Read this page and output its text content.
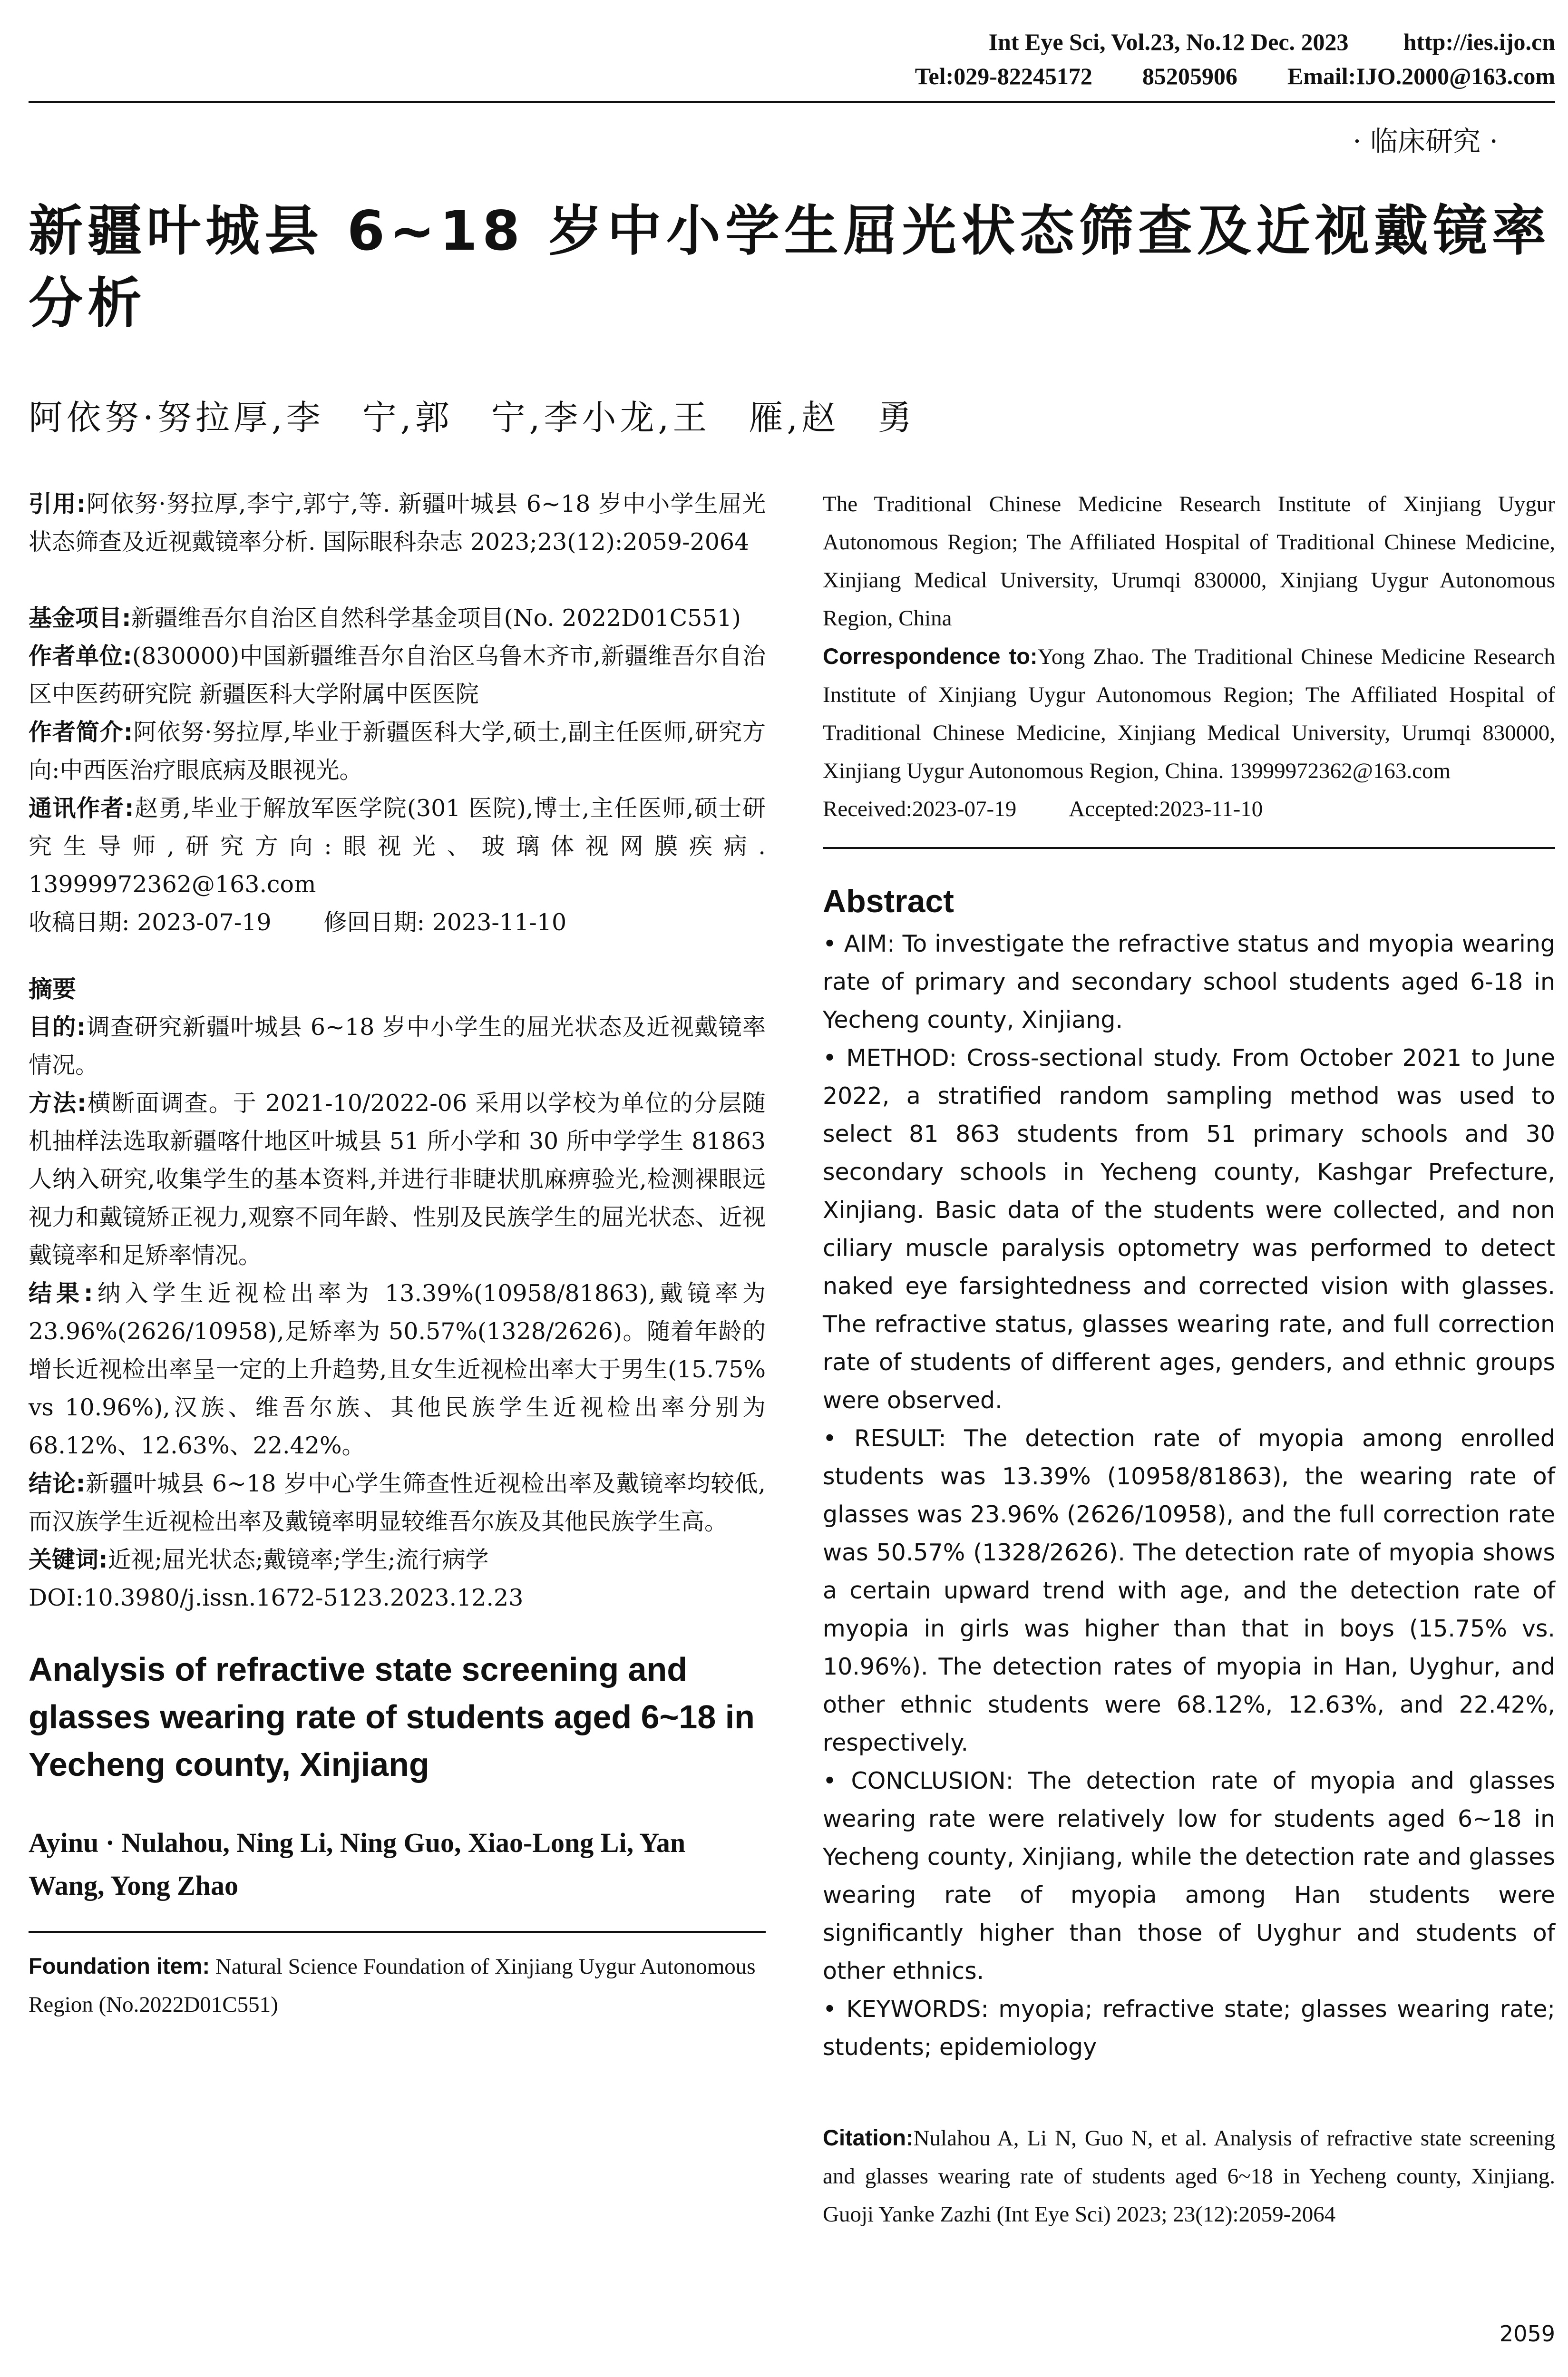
Int Eye Sci, Vol.23, No.12 Dec. 2023 http://ies.ijo.cn
Tel:029-82245172 85205906 Email:IJO.2000@163.com
· 临床研究 ·
新疆叶城县 6~18 岁中小学生屈光状态筛查及近视戴镜率分析
阿依努·努拉厚,李　宁,郭　宁,李小龙,王　雁,赵　勇

引用:阿依努·努拉厚,李宁,郭宁,等. 新疆叶城县 6~18 岁中小学生屈光状态筛查及近视戴镜率分析. 国际眼科杂志 2023;23(12):2059-2064

基金项目:新疆维吾尔自治区自然科学基金项目(No. 2022D01C551)

作者单位:(830000)中国新疆维吾尔自治区乌鲁木齐市,新疆维吾尔自治区中医药研究院 新疆医科大学附属中医医院

作者简介:阿依努·努拉厚,毕业于新疆医科大学,硕士,副主任医师,研究方向:中西医治疗眼底病及眼视光。

通讯作者:赵勇,毕业于解放军医学院(301 医院),博士,主任医师,硕士研究生导师,研究方向:眼视光、玻璃体视网膜疾病. 13999972362@163.com

收稿日期: 2023-07-19 修回日期: 2023-11-10

摘要

目的:调查研究新疆叶城县 6~18 岁中小学生的屈光状态及近视戴镜率情况。

方法:横断面调查。于 2021-10/2022-06 采用以学校为单位的分层随机抽样法选取新疆喀什地区叶城县 51 所小学和 30 所中学学生 81863 人纳入研究,收集学生的基本资料,并进行非睫状肌麻痹验光,检测裸眼远视力和戴镜矫正视力,观察不同年龄、性别及民族学生的屈光状态、近视戴镜率和足矫率情况。

结果:纳入学生近视检出率为 13.39%(10958/81863),戴镜率为 23.96%(2626/10958),足矫率为 50.57%(1328/2626)。随着年龄的增长近视检出率呈一定的上升趋势,且女生近视检出率大于男生(15.75% vs 10.96%),汉族、维吾尔族、其他民族学生近视检出率分别为 68.12%、12.63%、22.42%。

结论:新疆叶城县 6~18 岁中心学生筛查性近视检出率及戴镜率均较低,而汉族学生近视检出率及戴镜率明显较维吾尔族及其他民族学生高。

关键词:近视;屈光状态;戴镜率;学生;流行病学

DOI:10.3980/j.issn.1672-5123.2023.12.23

Analysis of refractive state screening and glasses wearing rate of students aged 6~18 in Yecheng county, Xinjiang
Ayinu · Nulahou, Ning Li, Ning Guo, Xiao-Long Li, Yan Wang, Yong Zhao

Foundation item: Natural Science Foundation of Xinjiang Uygur Autonomous Region (No.2022D01C551)

The Traditional Chinese Medicine Research Institute of Xinjiang Uygur Autonomous Region; The Affiliated Hospital of Traditional Chinese Medicine, Xinjiang Medical University, Urumqi 830000, Xinjiang Uygur Autonomous Region, China

Correspondence to:Yong Zhao. The Traditional Chinese Medicine Research Institute of Xinjiang Uygur Autonomous Region; The Affiliated Hospital of Traditional Chinese Medicine, Xinjiang Medical University, Urumqi 830000, Xinjiang Uygur Autonomous Region, China. 13999972362@163.com

Received:2023-07-19 Accepted:2023-11-10

Abstract

• AIM: To investigate the refractive status and myopia wearing rate of primary and secondary school students aged 6-18 in Yecheng county, Xinjiang.

• METHOD: Cross-sectional study. From October 2021 to June 2022, a stratified random sampling method was used to select 81 863 students from 51 primary schools and 30 secondary schools in Yecheng county, Kashgar Prefecture, Xinjiang. Basic data of the students were collected, and non ciliary muscle paralysis optometry was performed to detect naked eye farsightedness and corrected vision with glasses. The refractive status, glasses wearing rate, and full correction rate of students of different ages, genders, and ethnic groups were observed.

• RESULT: The detection rate of myopia among enrolled students was 13.39% (10958/81863), the wearing rate of glasses was 23.96% (2626/10958), and the full correction rate was 50.57% (1328/2626). The detection rate of myopia shows a certain upward trend with age, and the detection rate of myopia in girls was higher than that in boys (15.75% vs. 10.96%). The detection rates of myopia in Han, Uyghur, and other ethnic students were 68.12%, 12.63%, and 22.42%, respectively.

• CONCLUSION: The detection rate of myopia and glasses wearing rate were relatively low for students aged 6~18 in Yecheng county, Xinjiang, while the detection rate and glasses wearing rate of myopia among Han students were significantly higher than those of Uyghur and students of other ethnics.

• KEYWORDS: myopia; refractive state; glasses wearing rate; students; epidemiology

Citation:Nulahou A, Li N, Guo N, et al. Analysis of refractive state screening and glasses wearing rate of students aged 6~18 in Yecheng county, Xinjiang. Guoji Yanke Zazhi (Int Eye Sci) 2023; 23(12):2059-2064

2059
